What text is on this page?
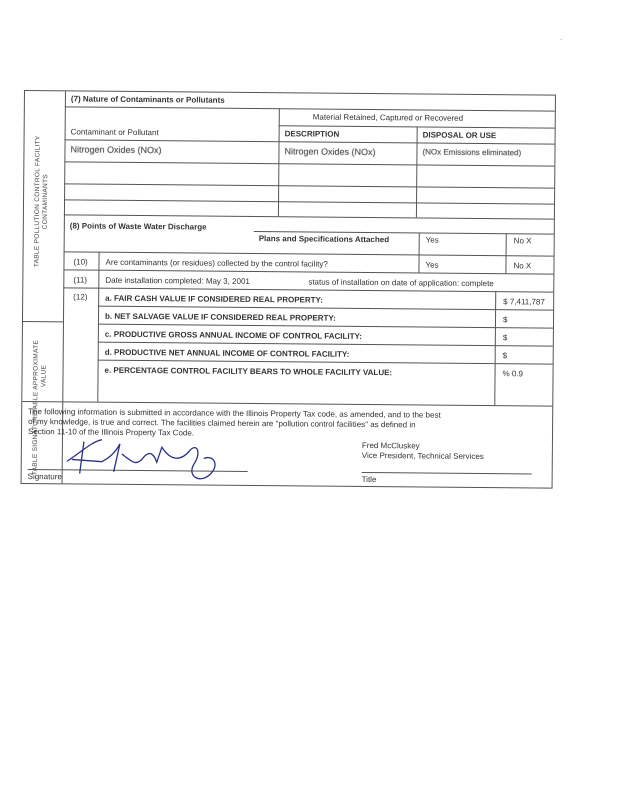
TABLE POLLUTION CONTROL FACILITY CONTAMINANTS
TABLE APPROXIMATE VALUE
TABLE SIGNATURE
(7) Nature of Contaminants or Pollutants
Material Retained, Captured or Recovered
Contaminant or Pollutant	DESCRIPTION	DISPOSAL OR USE
Nitrogen Oxides (NOx)	Nitrogen Oxides (NOx)	(NOx Emissions eliminated)
(8) Points of Waste Water Discharge
Plans and Specifications Attached	Yes	No X
(10) Are contaminants (or residues) collected by the control facility?	Yes	No X
(11) Date installation completed: May 3, 2001	status of installation on date of application: complete
(12) a. FAIR CASH VALUE IF CONSIDERED REAL PROPERTY:	$ 7,411,787
b. NET SALVAGE VALUE IF CONSIDERED REAL PROPERTY:	$
c. PRODUCTIVE GROSS ANNUAL INCOME OF CONTROL FACILITY:	$
d. PRODUCTIVE NET ANNUAL INCOME OF CONTROL FACILITY:	$
e. PERCENTAGE CONTROL FACILITY BEARS TO WHOLE FACILITY VALUE:	% 0.9
The following information is submitted in accordance with the Illinois Property Tax code, as amended, and to the best
of my knowledge, is true and correct. The facilities claimed herein are "pollution control facilities" as defined in
Section 11-10 of the Illinois Property Tax Code.
Fred McCluskey
Vice President, Technical Services
Signature	Title
.
